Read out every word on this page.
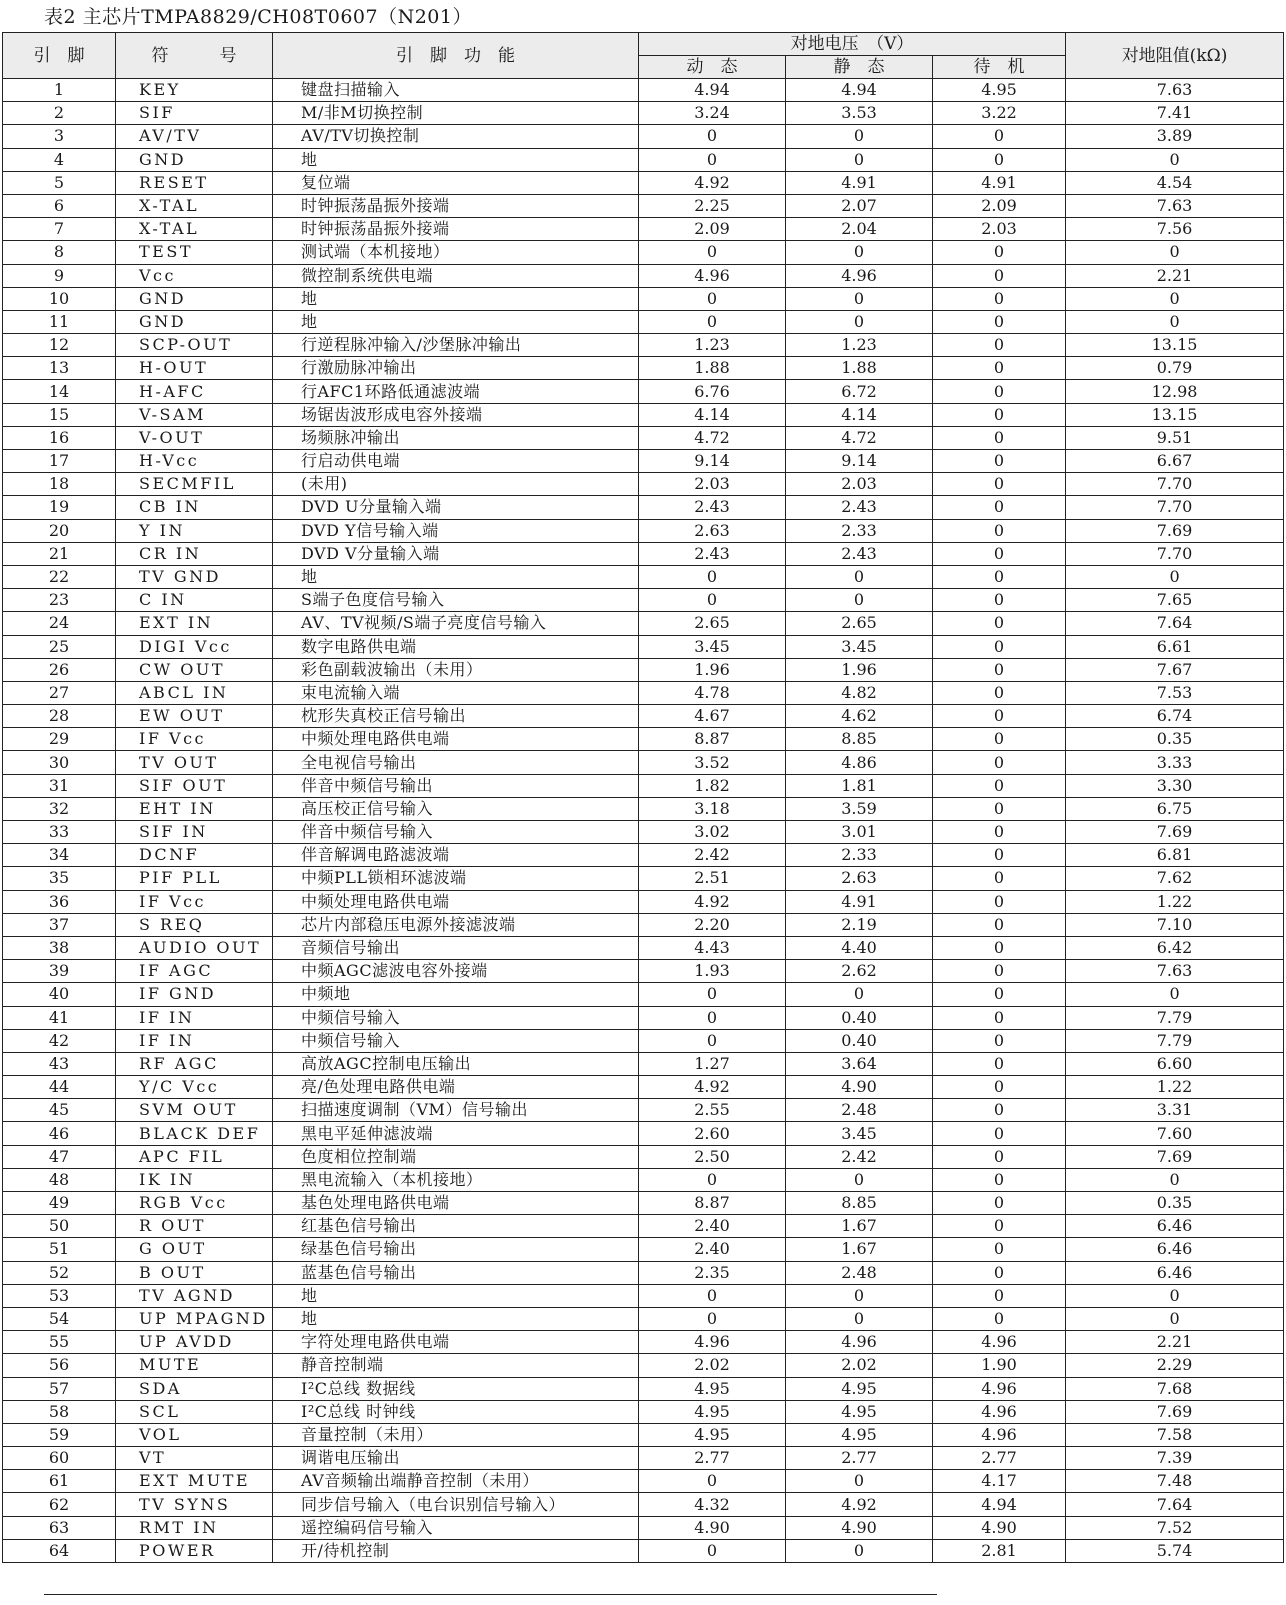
表2 主芯片TMPA8829/CH08T0607（N201）
引　脚	符　　　号	引　脚　功　能	对地电压　（V）			对地阻值(kΩ)
			动　态	静　态	待　机	
1	KEY	键盘扫描输入	4.94	4.94	4.95	7.63
2	SIF	M/非M切换控制	3.24	3.53	3.22	7.41
3	AV/TV	AV/TV切换控制	0	0	0	3.89
4	GND	地	0	0	0	0
5	RESET	复位端	4.92	4.91	4.91	4.54
6	X-TAL	时钟振荡晶振外接端	2.25	2.07	2.09	7.63
7	X-TAL	时钟振荡晶振外接端	2.09	2.04	2.03	7.56
8	TEST	测试端（本机接地）	0	0	0	0
9	Vcc	微控制系统供电端	4.96	4.96	0	2.21
10	GND	地	0	0	0	0
11	GND	地	0	0	0	0
12	SCP-OUT	行逆程脉冲输入/沙堡脉冲输出	1.23	1.23	0	13.15
13	H-OUT	行激励脉冲输出	1.88	1.88	0	0.79
14	H-AFC	行AFC1环路低通滤波端	6.76	6.72	0	12.98
15	V-SAM	场锯齿波形成电容外接端	4.14	4.14	0	13.15
16	V-OUT	场频脉冲输出	4.72	4.72	0	9.51
17	H-Vcc	行启动供电端	9.14	9.14	0	6.67
18	SECMFIL	(未用)	2.03	2.03	0	7.70
19	CB IN	DVD U分量输入端	2.43	2.43	0	7.70
20	Y IN	DVD Y信号输入端	2.63	2.33	0	7.69
21	CR IN	DVD V分量输入端	2.43	2.43	0	7.70
22	TV GND	地	0	0	0	0
23	C IN	S端子色度信号输入	0	0	0	7.65
24	EXT IN	AV、TV视频/S端子亮度信号输入	2.65	2.65	0	7.64
25	DIGI Vcc	数字电路供电端	3.45	3.45	0	6.61
26	CW OUT	彩色副载波输出（未用）	1.96	1.96	0	7.67
27	ABCL IN	束电流输入端	4.78	4.82	0	7.53
28	EW OUT	枕形失真校正信号输出	4.67	4.62	0	6.74
29	IF Vcc	中频处理电路供电端	8.87	8.85	0	0.35
30	TV OUT	全电视信号输出	3.52	4.86	0	3.33
31	SIF OUT	伴音中频信号输出	1.82	1.81	0	3.30
32	EHT IN	高压校正信号输入	3.18	3.59	0	6.75
33	SIF IN	伴音中频信号输入	3.02	3.01	0	7.69
34	DCNF	伴音解调电路滤波端	2.42	2.33	0	6.81
35	PIF PLL	中频PLL锁相环滤波端	2.51	2.63	0	7.62
36	IF Vcc	中频处理电路供电端	4.92	4.91	0	1.22
37	S REQ	芯片内部稳压电源外接滤波端	2.20	2.19	0	7.10
38	AUDIO OUT	音频信号输出	4.43	4.40	0	6.42
39	IF AGC	中频AGC滤波电容外接端	1.93	2.62	0	7.63
40	IF GND	中频地	0	0	0	0
41	IF IN	中频信号输入	0	0.40	0	7.79
42	IF IN	中频信号输入	0	0.40	0	7.79
43	RF AGC	高放AGC控制电压输出	1.27	3.64	0	6.60
44	Y/C Vcc	亮/色处理电路供电端	4.92	4.90	0	1.22
45	SVM OUT	扫描速度调制（VM）信号输出	2.55	2.48	0	3.31
46	BLACK DEF	黑电平延伸滤波端	2.60	3.45	0	7.60
47	APC FIL	色度相位控制端	2.50	2.42	0	7.69
48	IK IN	黑电流输入（本机接地）	0	0	0	0
49	RGB Vcc	基色处理电路供电端	8.87	8.85	0	0.35
50	R OUT	红基色信号输出	2.40	1.67	0	6.46
51	G OUT	绿基色信号输出	2.40	1.67	0	6.46
52	B OUT	蓝基色信号输出	2.35	2.48	0	6.46
53	TV AGND	地	0	0	0	0
54	UP MPAGND	地	0	0	0	0
55	UP AVDD	字符处理电路供电端	4.96	4.96	4.96	2.21
56	MUTE	静音控制端	2.02	2.02	1.90	2.29
57	SDA	I²C总线 数据线	4.95	4.95	4.96	7.68
58	SCL	I²C总线 时钟线	4.95	4.95	4.96	7.69
59	VOL	音量控制（未用）	4.95	4.95	4.96	7.58
60	VT	调谐电压输出	2.77	2.77	2.77	7.39
61	EXT MUTE	AV音频输出端静音控制（未用）	0	0	4.17	7.48
62	TV SYNS	同步信号输入（电台识别信号输入）	4.32	4.92	4.94	7.64
63	RMT IN	遥控编码信号输入	4.90	4.90	4.90	7.52
64	POWER	开/待机控制	0	0	2.81	5.74
